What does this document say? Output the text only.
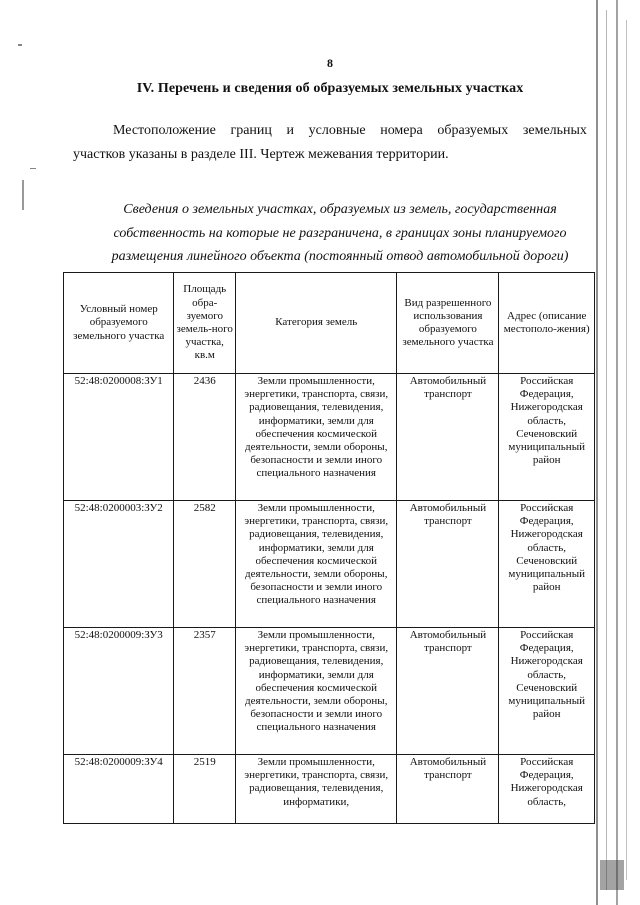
8
IV. Перечень и сведения об образуемых земельных участках
Местоположение границ и условные номера образуемых земельных
участков указаны в разделе III. Чертеж межевания территории.
Сведения о земельных участках, образуемых из земель, государственная
собственность на которые не разграничена, в границах зоны планируемого
размещения линейного объекта (постоянный отвод автомобильной дороги)
Условный номер образуемого земельного участка	Площадь обра-зуемого земель-ного участка, кв.м	Категория земель	Вид разрешенного использования образуемого земельного участка	Адрес (описание местополо-жения)
52:48:0200008:ЗУ1	2436	Земли промышленности, энергетики, транспорта, связи, радиовещания, телевидения, информатики, земли для обеспечения космической деятельности, земли обороны, безопасности и земли иного специального назначения	Автомобильный транспорт	Российская Федерация, Нижегородская область, Сеченовский муниципальный район
52:48:0200003:ЗУ2	2582	Земли промышленности, энергетики, транспорта, связи, радиовещания, телевидения, информатики, земли для обеспечения космической деятельности, земли обороны, безопасности и земли иного специального назначения	Автомобильный транспорт	Российская Федерация, Нижегородская область, Сеченовский муниципальный район
52:48:0200009:ЗУ3	2357	Земли промышленности, энергетики, транспорта, связи, радиовещания, телевидения, информатики, земли для обеспечения космической деятельности, земли обороны, безопасности и земли иного специального назначения	Автомобильный транспорт	Российская Федерация, Нижегородская область, Сеченовский муниципальный район
52:48:0200009:ЗУ4	2519	Земли промышленности, энергетики, транспорта, связи, радиовещания, телевидения, информатики,	Автомобильный транспорт	Российская Федерация, Нижегородская область,
